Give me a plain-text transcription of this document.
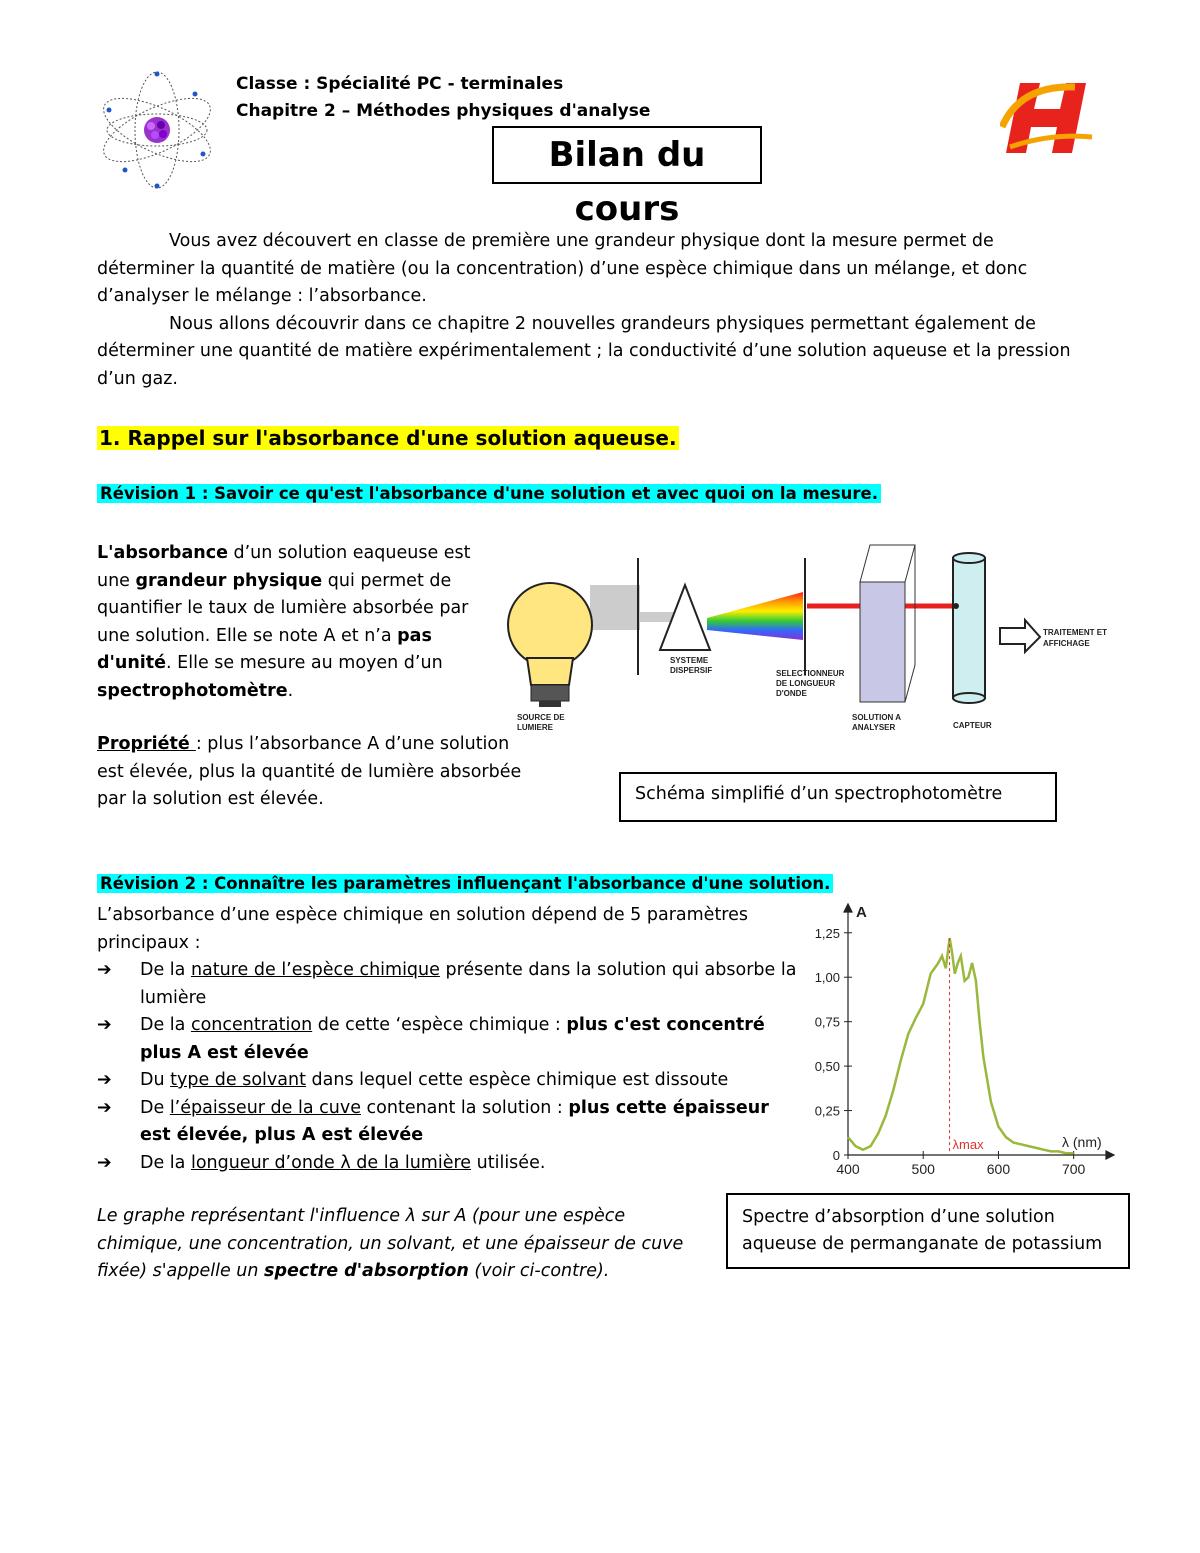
Classe : Spécialité PC - terminales
Chapitre 2 – Méthodes physiques d'analyse
Bilan du cours
Vous avez découvert en classe de première une grandeur physique dont la mesure permet de déterminer la quantité de matière (ou la concentration) d’une espèce chimique dans un mélange, et donc d’analyser le mélange : l’absorbance.
Nous allons découvrir dans ce chapitre 2 nouvelles grandeurs physiques permettant également de déterminer une quantité de matière expérimentalement ; la conductivité d’une solution aqueuse et la pression d’un gaz.
1. Rappel sur l'absorbance d'une solution aqueuse.
Révision 1 : Savoir ce qu'est l'absorbance d'une solution et avec quoi on la mesure.
L'absorbance d’un solution eaqueuse est une grandeur physique qui permet de quantifier le taux de lumière absorbée par une solution. Elle se note A et n’a pas d'unité. Elle se mesure au moyen d’un spectrophotomètre.
Propriété : plus l’absorbance A d’une solution est élevée, plus la quantité de lumière absorbée par la solution est élevée.
SOURCE DE
LUMIERE
SYSTEME
DISPERSIF	SELECTIONNEUR
DE LONGUEUR
D'ONDE
SOLUTION A
ANALYSER	CAPTEUR
TRAITEMENT ET
AFFICHAGE
Schéma simplifié d’un spectrophotomètre
Révision 2 : Connaître les paramètres influençant l'absorbance d'une solution.
L’absorbance d’une espèce chimique en solution dépend de 5 paramètres principaux :
➔	De la nature de l’espèce chimique présente dans la solution qui absorbe la lumière
➔	De la concentration de cette ‘espèce chimique : plus c'est concentré plus A est élevée
➔	Du type de solvant dans lequel cette espèce chimique est dissoute
➔	De l’épaisseur de la cuve contenant la solution : plus cette épaisseur est élevée, plus A est élevée
➔	De la longueur d’onde λ de la lumière utilisée.
Le graphe représentant l'influence λ sur A (pour une espèce chimique, une concentration, un solvant, et une épaisseur de cuve fixée) s'appelle un spectre d'absorption (voir ci-contre).
0
0,25
0,50
0,75
1,00
1,25
400	500	600	700
λmax
A
λ (nm)
Spectre d’absorption d’une solution aqueuse de permanganate de potassium
